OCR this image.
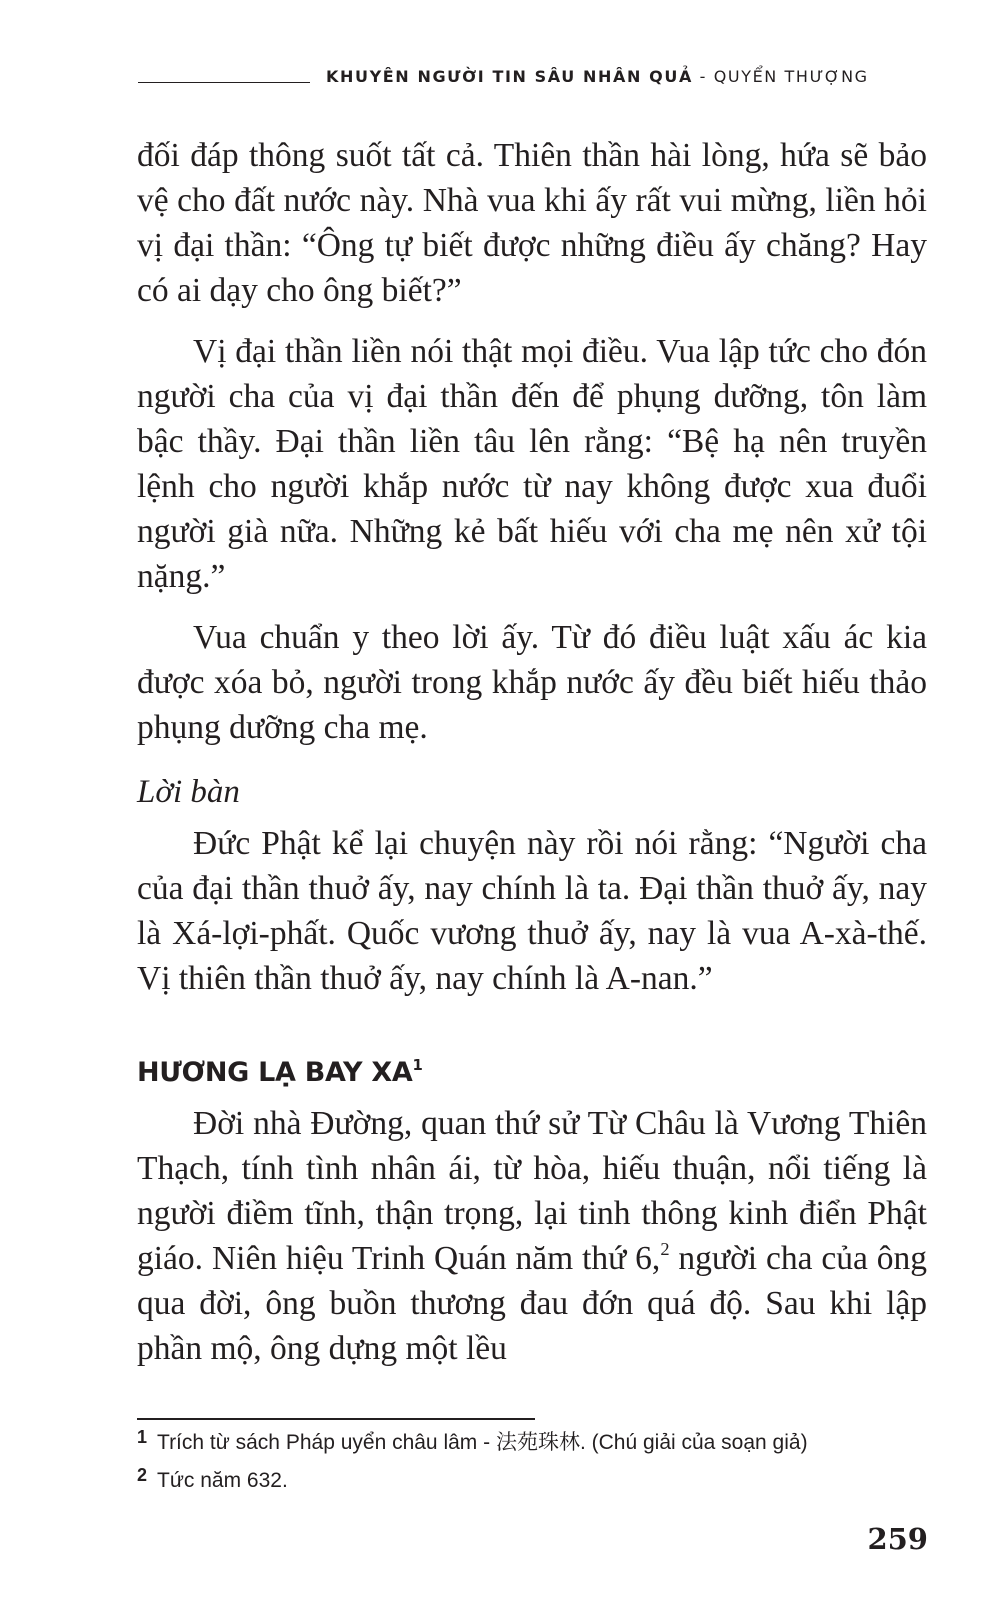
KHUYÊN NGƯỜI TIN SÂU NHÂN QUẢ - QUYỂN THƯỢNG

đối đáp thông suốt tất cả. Thiên thần hài lòng, hứa sẽ bảo vệ cho đất nước này. Nhà vua khi ấy rất vui mừng, liền hỏi vị đại thần: “Ông tự biết được những điều ấy chăng? Hay có ai dạy cho ông biết?”

Vị đại thần liền nói thật mọi điều. Vua lập tức cho đón người cha của vị đại thần đến để phụng dưỡng, tôn làm bậc thầy. Đại thần liền tâu lên rằng: “Bệ hạ nên truyền lệnh cho người khắp nước từ nay không được xua đuổi người già nữa. Những kẻ bất hiếu với cha mẹ nên xử tội nặng.”

Vua chuẩn y theo lời ấy. Từ đó điều luật xấu ác kia được xóa bỏ, người trong khắp nước ấy đều biết hiếu thảo phụng dưỡng cha mẹ.

Lời bàn

Đức Phật kể lại chuyện này rồi nói rằng: “Người cha của đại thần thuở ấy, nay chính là ta. Đại thần thuở ấy, nay là Xá-lợi-phất. Quốc vương thuở ấy, nay là vua A-xà-thế. Vị thiên thần thuở ấy, nay chính là A-nan.”

HƯƠNG LẠ BAY $XA^1$

Đời nhà Đường, quan thứ sử Từ Châu là Vương Thiên Thạch, tính tình nhân ái, từ hòa, hiếu thuận, nổi tiếng là người điềm tĩnh, thận trọng, lại tinh thông kinh điển Phật giáo. Niên hiệu Trinh Quán năm thứ 6,$^2$ người cha của ông qua đời, ông buồn thương đau đớn quá độ. Sau khi lập phần mộ, ông dựng một lều

1 Trích từ sách Pháp uyển châu lâm - 法苑珠林. (Chú giải của soạn giả)
2 Tức năm 632.
259
